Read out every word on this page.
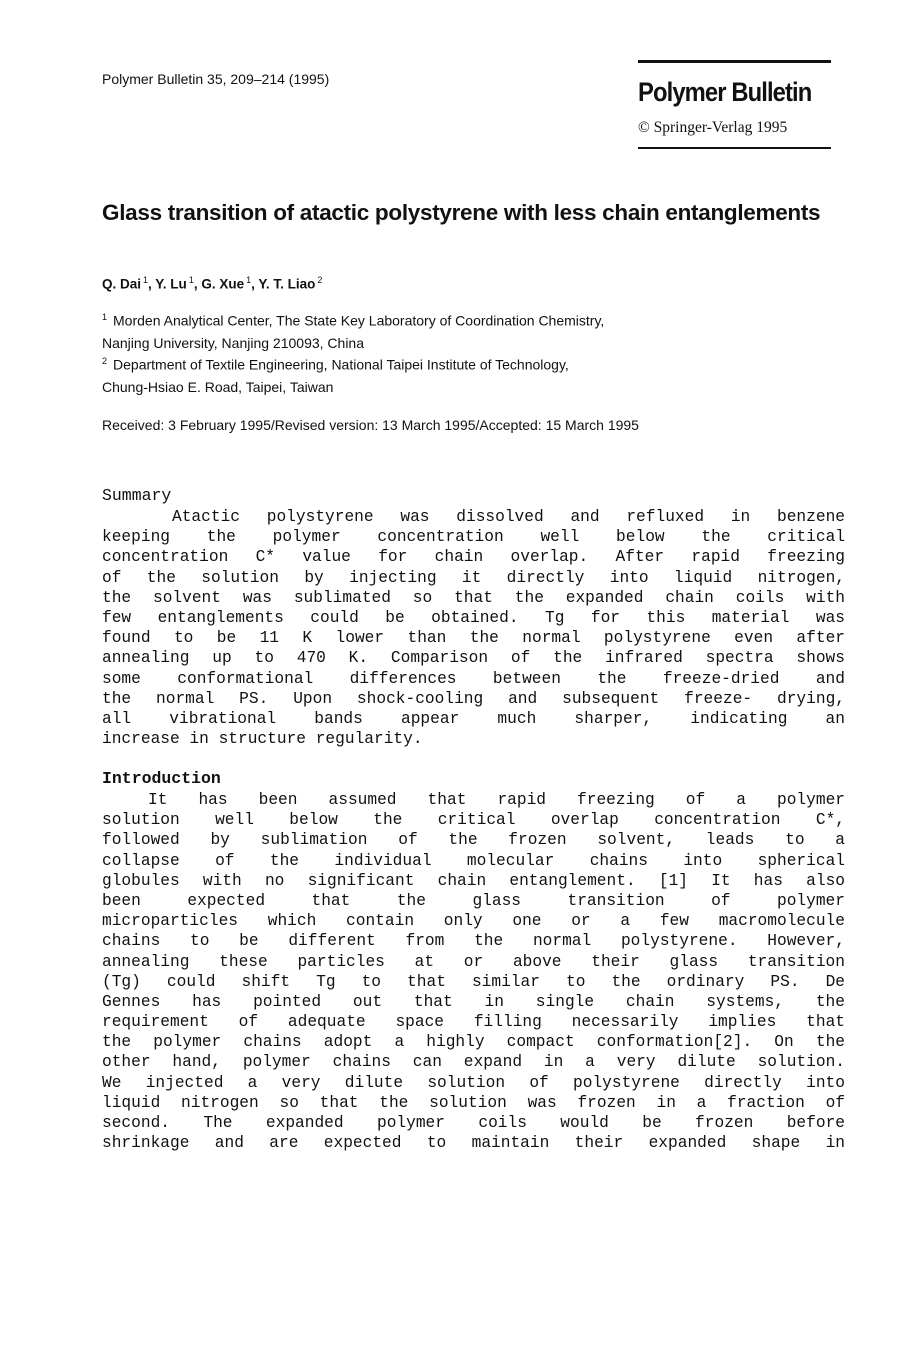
Polymer Bulletin 35, 209–214 (1995)	Polymer Bulletin
© Springer-Verlag 1995
Glass transition of atactic polystyrene with less chain entanglements
Q. Dai $^1$, Y. Lu $^1$, G. Xue $^1$, Y. T. Liao $^2$
$^1$ Morden Analytical Center, The State Key Laboratory of Coordination Chemistry,
Nanjing University, Nanjing 210093, China
$^2$ Department of Textile Engineering, National Taipei Institute of Technology,
Chung-Hsiao E. Road, Taipei, Taiwan
Received: 3 February 1995/Revised version: 13 March 1995/Accepted: 15 March 1995
Summary
Atactic polystyrene was dissolved and refluxed in benzene
keeping the polymer concentration well below the critical
concentration C* value for chain overlap. After rapid freezing
of the solution by injecting it directly into liquid nitrogen,
the solvent was sublimated so that the expanded chain coils with
few entanglements could be obtained. Tg for this material was
found to be 11 K lower than the normal polystyrene even after
annealing up to 470 K. Comparison of the infrared spectra shows
some conformational differences between the freeze-dried and
the normal PS. Upon shock-cooling and subsequent freeze- drying,
all vibrational bands appear much sharper, indicating an
increase in structure regularity.
Introduction
It has been assumed that rapid freezing of a polymer
solution well below the critical overlap concentration C*,
followed by sublimation of the frozen solvent, leads to a
collapse of the individual molecular chains into spherical
globules with no significant chain entanglement. [1] It has also
been expected that the glass transition of polymer
microparticles which contain only one or a few macromolecule
chains to be different from the normal polystyrene. However,
annealing these particles at or above their glass transition
(Tg) could shift Tg to that similar to the ordinary PS. De
Gennes has pointed out that in single chain systems, the
requirement of adequate space filling necessarily implies that
the polymer chains adopt a highly compact conformation[2]. On the
other hand, polymer chains can expand in a very dilute solution.
We injected a very dilute solution of polystyrene directly into
liquid nitrogen so that the solution was frozen in a fraction of
second. The expanded polymer coils would be frozen before
shrinkage and are expected to maintain their expanded shape in
